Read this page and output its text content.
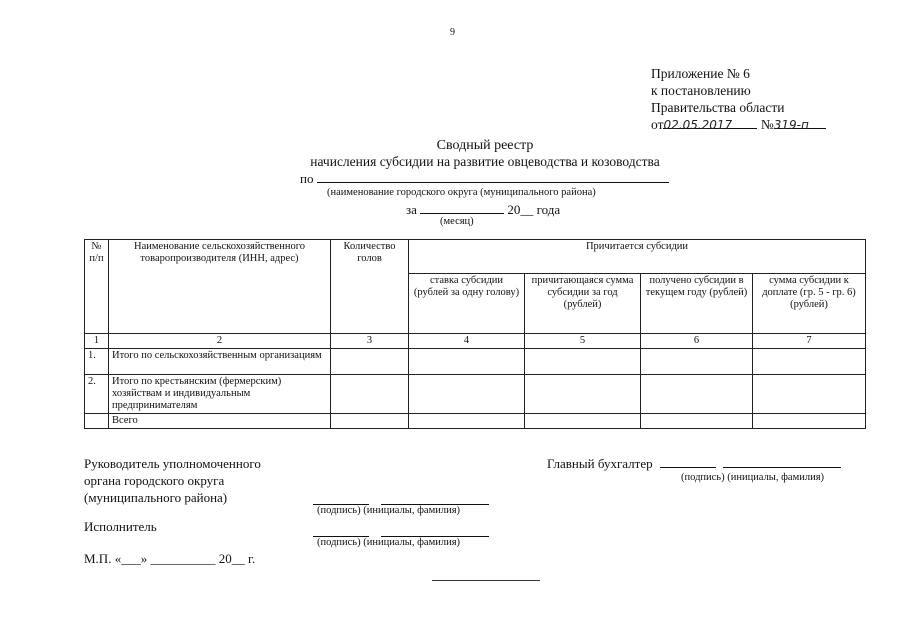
9
Приложение № 6
к постановлению
Правительства области
от02.05.2017 №319-п
Сводный реестр
начисления субсидии на развитие овцеводства и козоводства
по
(наименование городского округа (муниципального района)
за	20__ года
(месяц)
№ п/п	Наименование сельскохозяйственного товаропроизводителя (ИНН, адрес)	Количество голов	Причитается субсидии			
			ставка субсидии (рублей за одну голову)	причитающаяся сумма субсидии за год (рублей)	получено субсидии в текущем году (рублей)	сумма субсидии к доплате (гр. 5 - гр. 6) (рублей)
1	2	3	4	5	6	7
1.	Итого по сельскохозяйственным организациям					
2.	Итого по крестьянским (фермерским) хозяйствам и индивидуальным предпринимателям					
	Всего					
Руководитель уполномоченного
органа городского округа
(муниципального района)
Главный бухгалтер
(подпись) (инициалы, фамилия)

(подпись) (инициалы, фамилия)
Исполнитель

(подпись) (инициалы, фамилия)
М.П. «___» __________ 20__ г.
